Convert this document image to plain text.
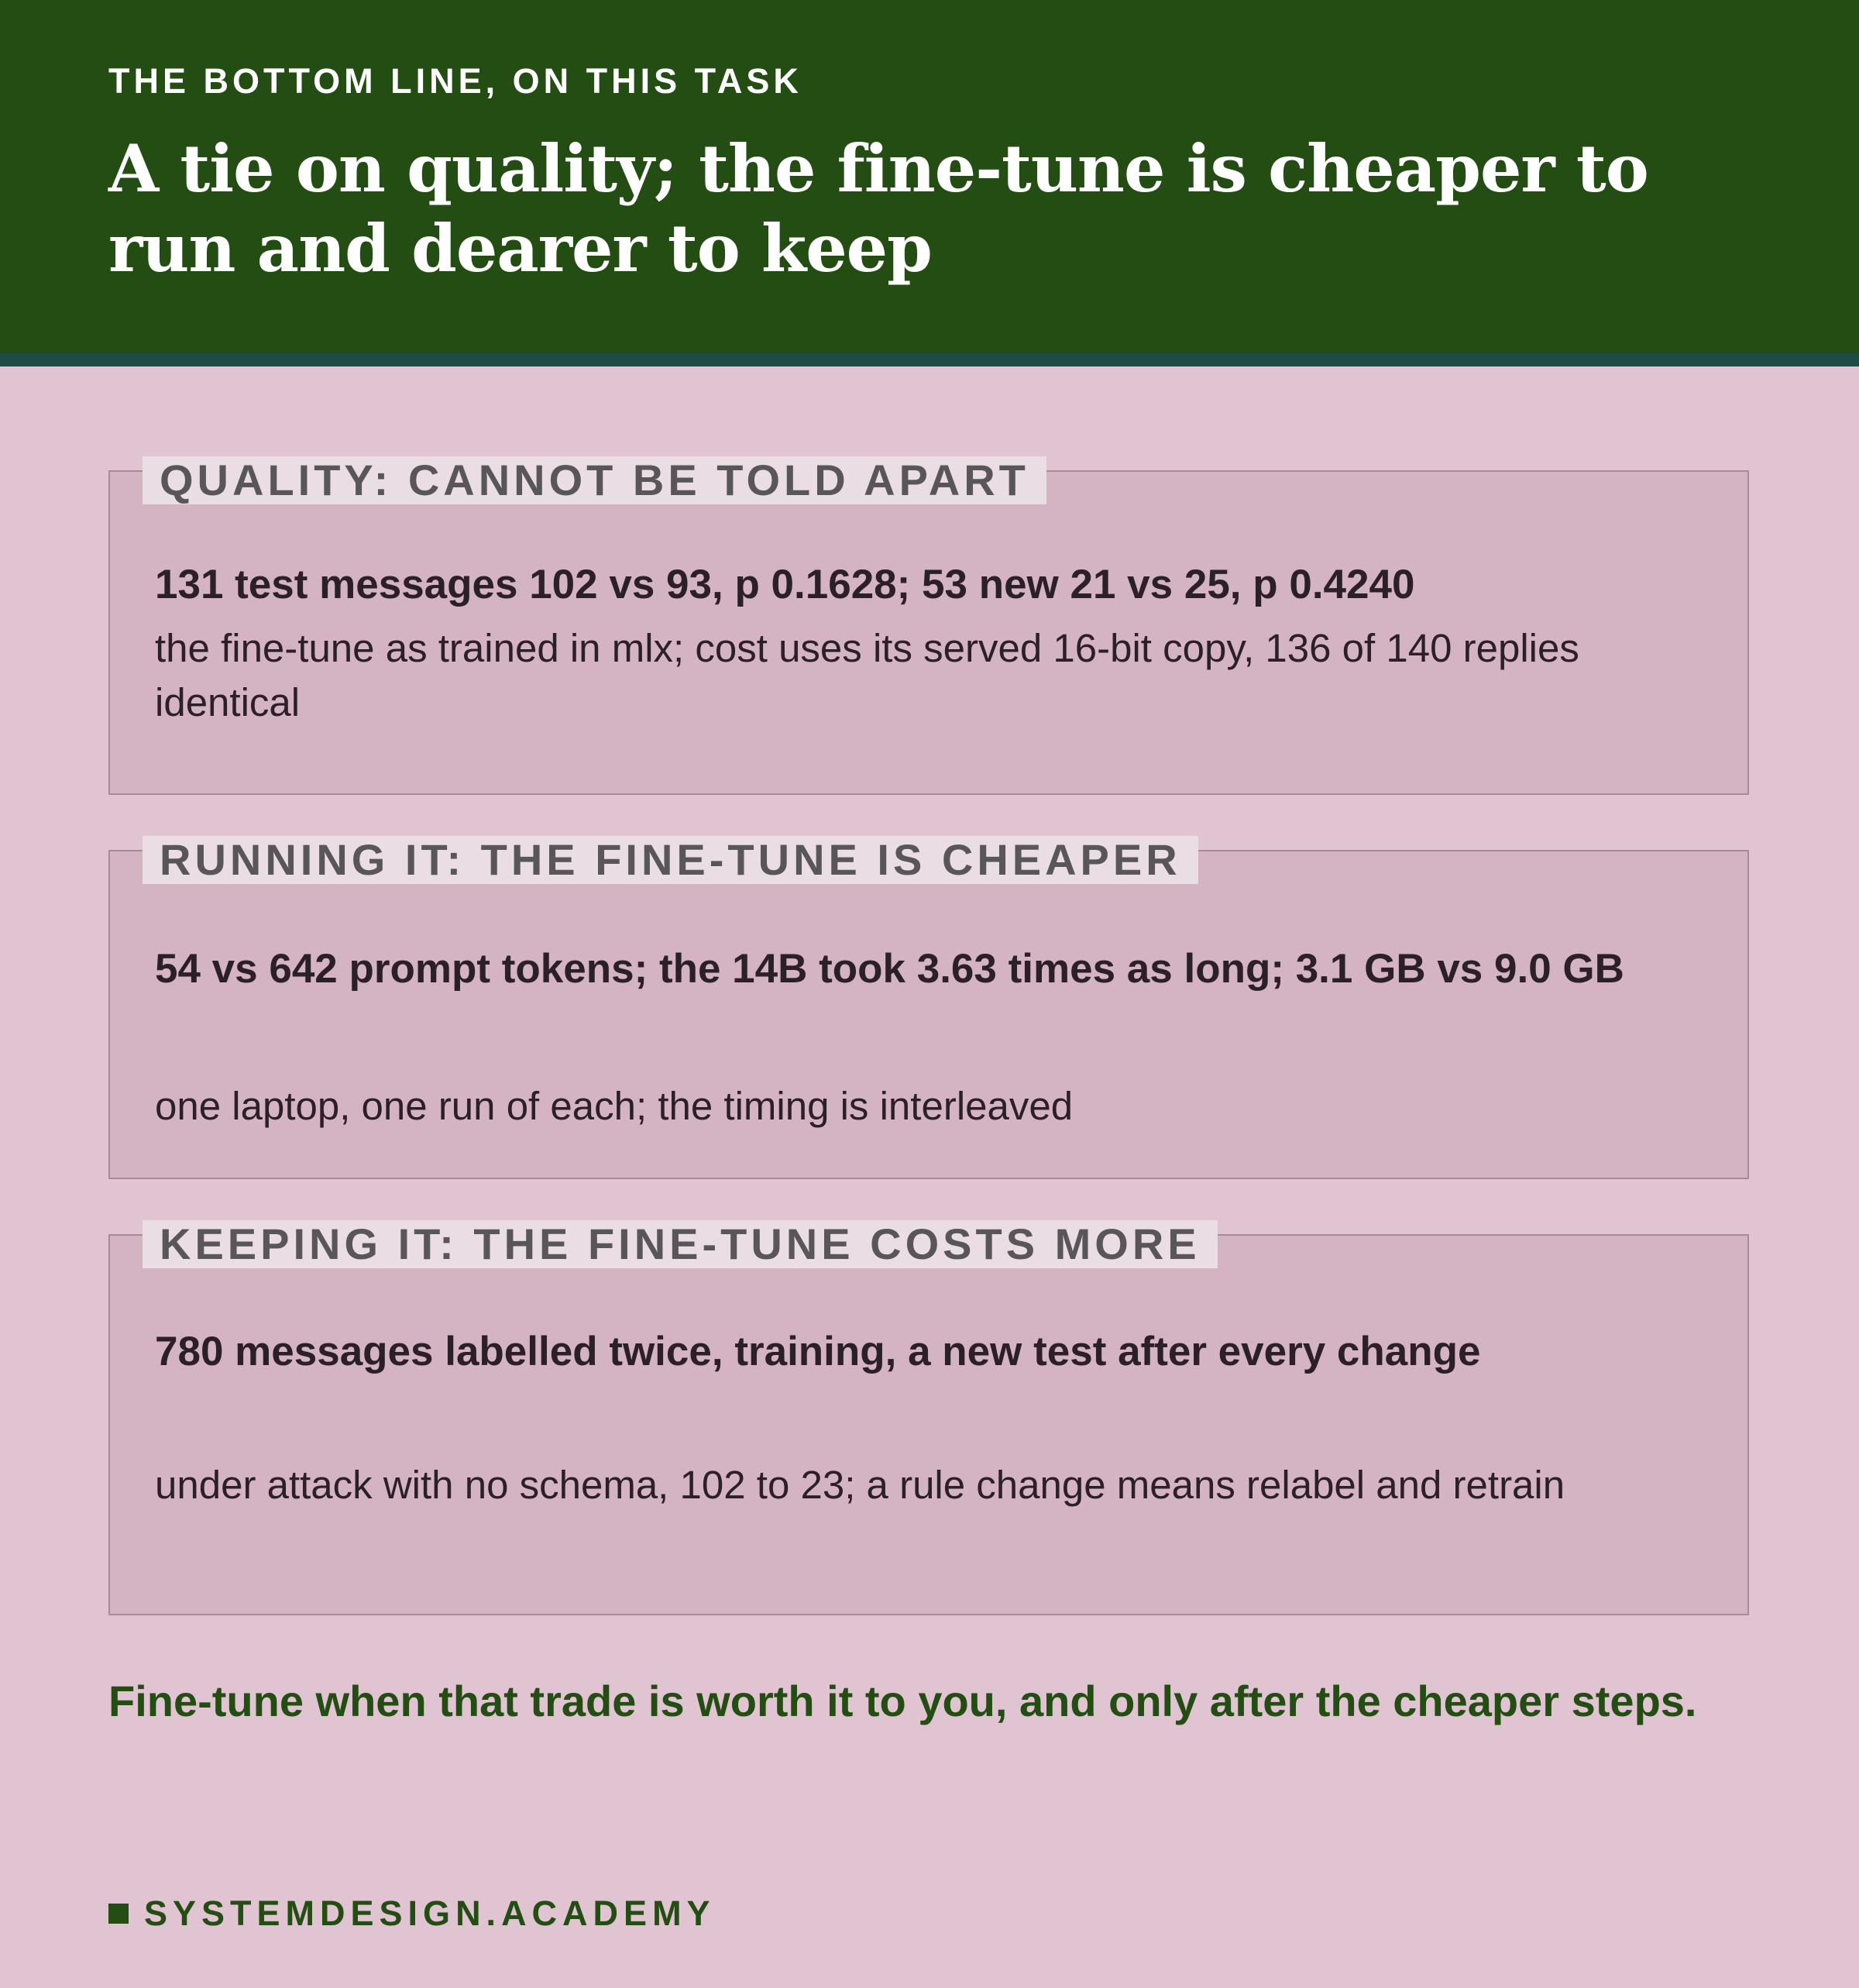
THE BOTTOM LINE, ON THIS TASK
A tie on quality; the fine-tune is cheaper to run and dearer to keep
QUALITY: CANNOT BE TOLD APART

131 test messages 102 vs 93, p 0.1628; 53 new 21 vs 25, p 0.4240

the fine-tune as trained in mlx; cost uses its served 16-bit copy, 136 of 140 replies identical

RUNNING IT: THE FINE-TUNE IS CHEAPER

54 vs 642 prompt tokens; the 14B took 3.63 times as long; 3.1 GB vs 9.0 GB

one laptop, one run of each; the timing is interleaved

KEEPING IT: THE FINE-TUNE COSTS MORE

780 messages labelled twice, training, a new test after every change

under attack with no schema, 102 to 23; a rule change means relabel and retrain

Fine-tune when that trade is worth it to you, and only after the cheaper steps.

SYSTEMDESIGN.ACADEMY
